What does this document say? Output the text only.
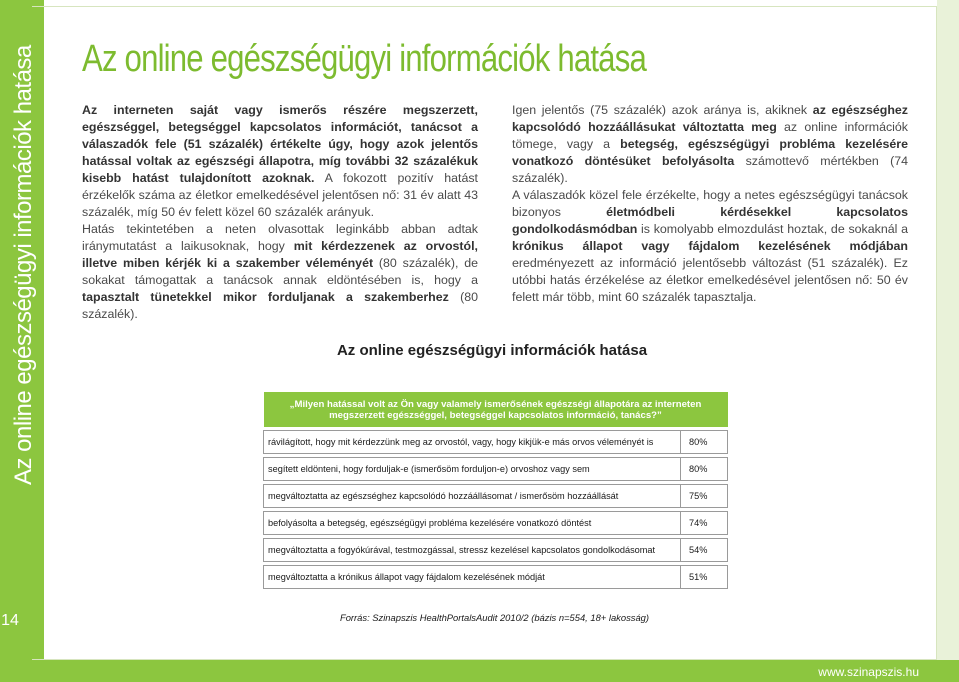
Az online egészségügyi információk hatása
14
www.szinapszis.hu
Az online egészségügyi információk hatása

Az interneten saját vagy ismerős részére megszerzett, egészséggel, betegséggel kapcsolatos információt, tanácsot a válaszadók fele (51 százalék) értékelte úgy, hogy azok jelentős hatással voltak az egészségi állapotra, míg további 32 százalékuk kisebb hatást tulajdonított azoknak. A fokozott pozitív hatást érzékelők száma az életkor emelkedésével jelentősen nő: 31 év alatt 43 százalék, míg 50 év felett közel 60 százalék arányuk.

Hatás tekintetében a neten olvasottak leginkább abban adtak iránymutatást a laikusoknak, hogy mit kérdezzenek az orvostól, illetve miben kérjék ki a szakember véleményét (80 százalék), de sokakat támogattak a tanácsok annak eldöntésében is, hogy a tapasztalt tünetekkel mikor forduljanak a szakemberhez (80 százalék).

Igen jelentős (75 százalék) azok aránya is, akiknek az egészséghez kapcsolódó hozzáállásukat változtatta meg az online információk tömege, vagy a betegség, egészségügyi probléma kezelésére vonatkozó döntésüket befolyásolta számottevő mértékben (74 százalék).

A válaszadók közel fele érzékelte, hogy a netes egészségügyi tanácsok bizonyos életmódbeli kérdésekkel kapcsolatos gondolkodásmódban is komolyabb elmozdulást hoztak, de sokaknál a krónikus állapot vagy fájdalom kezelésének módjában eredményezett az információ jelentősebb változást (51 százalék). Ez utóbbi hatás érzékelése az életkor emelkedésével jelentősen nő: 50 év felett már több, mint 60 százalék tapasztalja.

Az online egészségügyi információk hatása
„Milyen hatással volt az Ön vagy valamely ismerősének egészségi állapotára az interneten megszerzett egészséggel, betegséggel kapcsolatos információ, tanács?”	

rávilágított, hogy mit kérdezzünk meg az orvostól, vagy, hogy kikjük-e más orvos véleményét is	80%

segített eldönteni, hogy forduljak-e (ismerősöm forduljon-e) orvoshoz vagy sem	80%

megváltoztatta az egészséghez kapcsolódó hozzáállásomat / ismerősöm hozzáállását	75%

befolyásolta a betegség, egészségügyi probléma kezelésére vonatkozó döntést	74%

megváltoztatta a fogyókúrával, testmozgással, stressz kezelésel kapcsolatos gondolkodásomat	54%

megváltoztatta a krónikus állapot vagy fájdalom kezelésének módját	51%
Forrás: Szinapszis HealthPortalsAudit 2010/2 (bázis n=554, 18+ lakosság)
